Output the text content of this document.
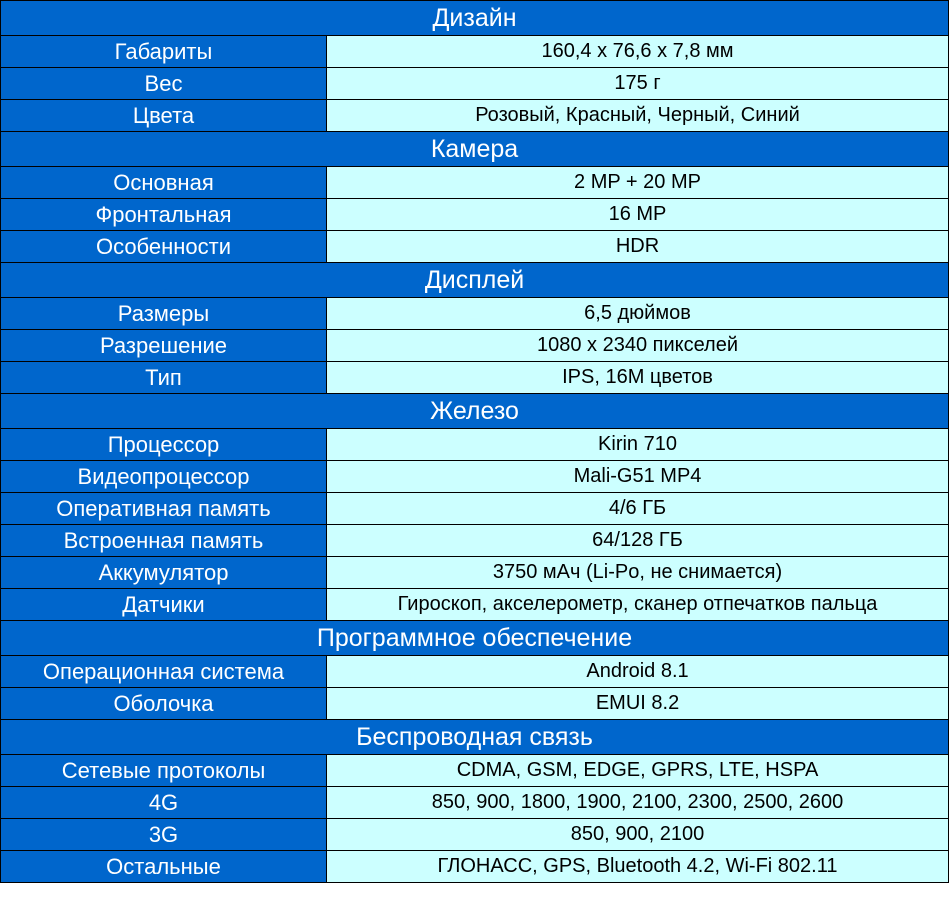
Дизайн	
Габариты	160,4 x 76,6 x 7,8 мм
Вес	175 г
Цвета	Розовый, Красный, Черный, Синий
Камера	
Основная	2 MP + 20 MP
Фронтальная	16 MP
Особенности	HDR
Дисплей	
Размеры	6,5 дюймов
Разрешение	1080 x 2340 пикселей
Тип	IPS, 16M цветов
Железо	
Процессор	Kirin 710
Видеопроцессор	Mali-G51 MP4
Оперативная память	4/6 ГБ
Встроенная память	64/128 ГБ
Аккумулятор	3750 мАч (Li-Po, не снимается)
Датчики	Гироскоп, акселерометр, сканер отпечатков пальца
Программное обеспечение	
Операционная система	Android 8.1
Оболочка	EMUI 8.2
Беспроводная связь	
Сетевые протоколы	CDMA, GSM, EDGE, GPRS, LTE, HSPA
4G	850, 900, 1800, 1900, 2100, 2300, 2500, 2600
3G	850, 900, 2100
Остальные	ГЛОНАСС, GPS, Bluetooth 4.2, Wi-Fi 802.11
